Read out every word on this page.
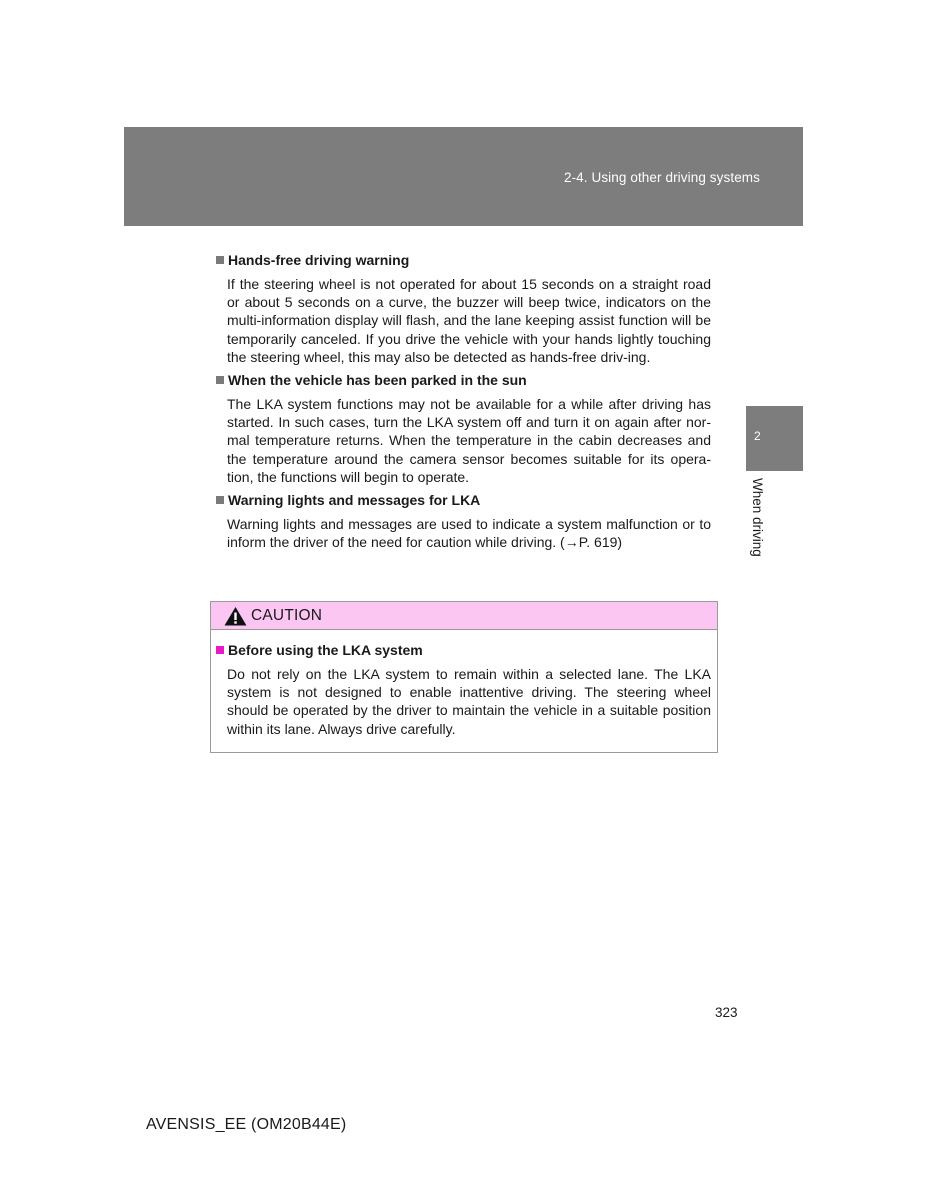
2-4. Using other driving systems
2
When driving
Hands-free driving warning

If the steering wheel is not operated for about 15 seconds on a straight road or about 5 seconds on a curve, the buzzer will beep twice, indicators on the multi-information display will flash, and the lane keeping assist function will be temporarily canceled. If you drive the vehicle with your hands lightly touching the steering wheel, this may also be detected as hands-free driv-ing.

When the vehicle has been parked in the sun

The LKA system functions may not be available for a while after driving has started. In such cases, turn the LKA system off and turn it on again after nor-mal temperature returns. When the temperature in the cabin decreases and the temperature around the camera sensor becomes suitable for its opera-tion, the functions will begin to operate.

Warning lights and messages for LKA

Warning lights and messages are used to indicate a system malfunction or to inform the driver of the need for caution while driving. (→P. 619)

CAUTION
Before using the LKA system

Do not rely on the LKA system to remain within a selected lane. The LKA system is not designed to enable inattentive driving. The steering wheel should be operated by the driver to maintain the vehicle in a suitable position within its lane. Always drive carefully.

323
AVENSIS_EE (OM20B44E)
